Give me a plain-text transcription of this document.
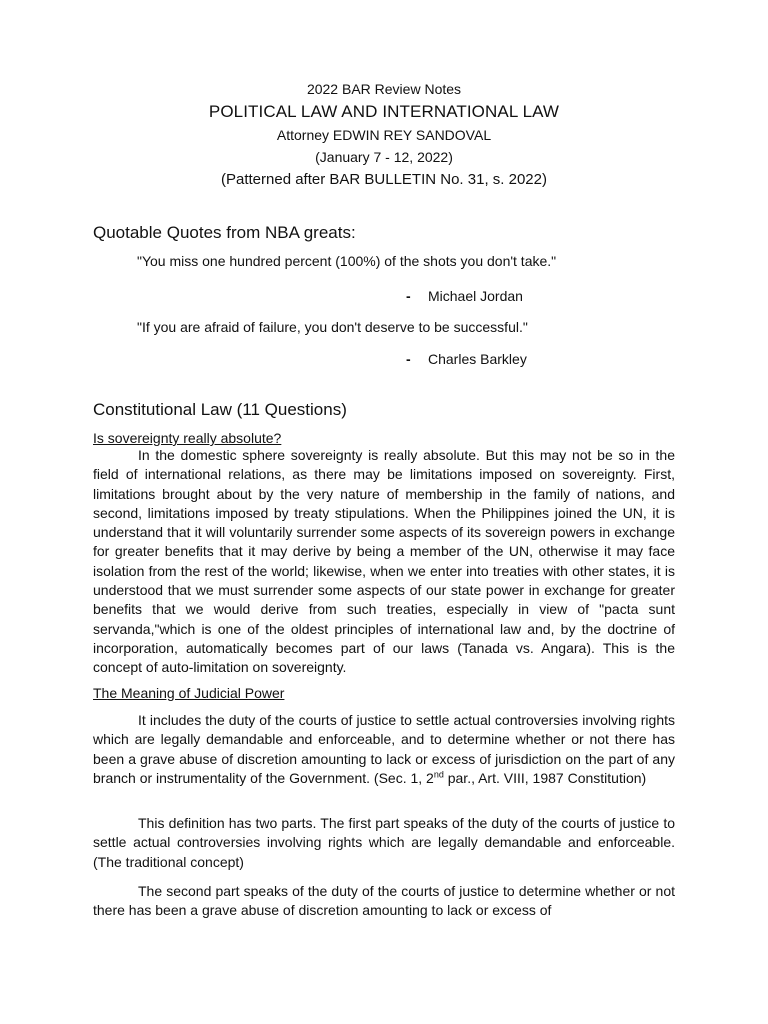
2022 BAR Review Notes
POLITICAL LAW AND INTERNATIONAL LAW
Attorney EDWIN REY SANDOVAL
(January 7 - 12, 2022)
(Patterned after BAR BULLETIN No. 31, s. 2022)
Quotable Quotes from NBA greats:
"You miss one hundred percent (100%) of the shots you don't take."
- Michael Jordan
"If you are afraid of failure, you don't deserve to be successful."
- Charles Barkley
Constitutional Law (11 Questions)
Is sovereignty really absolute?

In the domestic sphere sovereignty is really absolute. But this may not be so in the field of international relations, as there may be limitations imposed on sovereignty. First, limitations brought about by the very nature of membership in the family of nations, and second, limitations imposed by treaty stipulations. When the Philippines joined the UN, it is understand that it will voluntarily surrender some aspects of its sovereign powers in exchange for greater benefits that it may derive by being a member of the UN, otherwise it may face isolation from the rest of the world; likewise, when we enter into treaties with other states, it is understood that we must surrender some aspects of our state power in exchange for greater benefits that we would derive from such treaties, especially in view of "pacta sunt servanda,"which is one of the oldest principles of international law and, by the doctrine of incorporation, automatically becomes part of our laws (Tanada vs. Angara). This is the concept of auto-limitation on sovereignty.

The Meaning of Judicial Power

It includes the duty of the courts of justice to settle actual controversies involving rights which are legally demandable and enforceable, and to determine whether or not there has been a grave abuse of discretion amounting to lack or excess of jurisdiction on the part of any branch or instrumentality of the Government. (Sec. 1, 2nd par., Art. VIII, 1987 Constitution)

This definition has two parts. The first part speaks of the duty of the courts of justice to settle actual controversies involving rights which are legally demandable and enforceable. (The traditional concept)

The second part speaks of the duty of the courts of justice to determine whether or not there has been a grave abuse of discretion amounting to lack or excess of
